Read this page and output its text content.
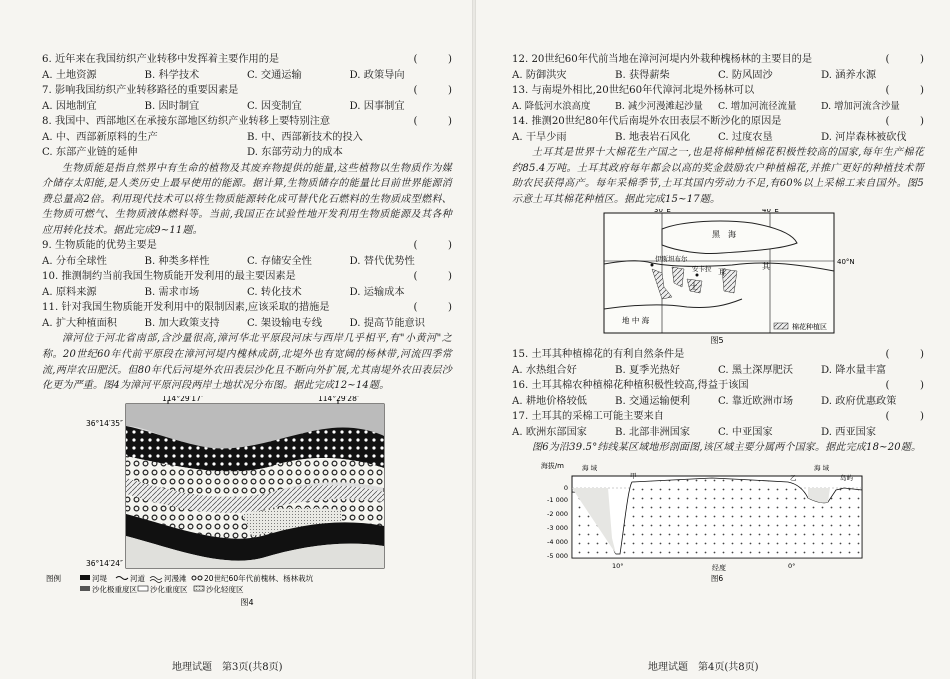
6. 近年来在我国纺织产业转移中发挥着主要作用的是	(　　　)
A. 土地资源	B. 科学技术	C. 交通运输	D. 政策导向
7. 影响我国纺织产业转移路径的重要因素是	(　　　)
A. 因地制宜	B. 因时制宜	C. 因变制宜	D. 因事制宜
8. 我国中、西部地区在承接东部地区纺织产业转移上要特别注意	(　　　)
A. 中、西部新原料的生产	B. 中、西部新技术的投入
C. 东部产业链的延伸	D. 东部劳动力的成本
生物质能是指自然界中有生命的植物及其废弃物提供的能量,这些植物以生物质作为媒介储存太阳能,是人类历史上最早使用的能源。据计算,生物质储存的能量比目前世界能源消费总量高2倍。利用现代技术可以将生物质能源转化成可替代化石燃料的生物质成型燃料、生物质可燃气、生物质液体燃料等。当前,我国正在试验性地开发利用生物质能源及其各种应用转化技术。据此完成9~11题。
9. 生物质能的优势主要是	(　　　)
A. 分布全球性	B. 种类多样性	C. 存储安全性	D. 替代优势性
10. 推测制约当前我国生物质能开发利用的最主要因素是	(　　　)
A. 原料来源	B. 需求市场	C. 转化技术	D. 运输成本
11. 针对我国生物质能开发利用中的限制因素,应该采取的措施是	(　　　)
A. 扩大种植面积	B. 加大政策支持	C. 架设输电专线	D. 提高节能意识
漳河位于河北省南部,含沙量很高,漳河华北平原段河床与西岸几乎相平,有"小黄河"之称。20世纪60年代前平原段在漳河河堤内槐林成荫,北堤外也有宽阔的杨林带,河流四季常流,两岸农田肥沃。但80年代后河堤外农田表层沙化且不断向外扩展,尤其南堤外农田表层沙化更为严重。图4为漳河平原河段两岸土地状况分布图。据此完成12~14题。
114°29′17″	114°29′28″
36°14′35″
36°14′24″
图例	河堤	河道	河漫滩 20世纪60年代前槐林、杨林栽坑
沙化极重度区 沙化重度区 沙化轻度区
图4
地理试题　第3页(共8页)
12. 20世纪60年代前当地在漳河河堤内外栽种槐杨林的主要目的是	(　　　)
A. 防御洪灾	B. 获得薪柴	C. 防风固沙	D. 涵养水源
13. 与南堤外相比,20世纪60年代漳河北堤外杨林可以	(　　　)
A. 降低河水浪高度	B. 减少河漫滩起沙量	C. 增加河流径流量	D. 增加河流含沙量
14. 推测20世纪80年代后南堤外农田表层不断沙化的原因是	(　　　)
A. 干旱少雨	B. 地表岩石风化	C. 过度农垦	D. 河岸森林被砍伐
土耳其是世界十大棉花生产国之一,也是将棉种植棉花积极性较高的国家,每年生产棉花约85.4万吨。土耳其政府每年都会以高的奖金鼓励农户种植棉花,并推广更好的种植技术帮助农民获得高产。每年采棉季节,土耳其国内劳动力不足,有60%以上采棉工来自国外。图5示意土耳其棉花种植区。据此完成15~17题。
30°E	40°E
40°N
黑　海
土
耳
其
伊斯坦布尔
安卡拉
地 中 海
棉花种植区
图5
15. 土耳其种植棉花的有利自然条件是	(　　　)
A. 水热组合好	B. 夏季光热好	C. 黑土深厚肥沃	D. 降水量丰富
16. 土耳其棉农种植棉花种植积极性较高,得益于该国	(　　　)
A. 耕地价格较低	B. 交通运输便利	C. 靠近欧洲市场	D. 政府优惠政策
17. 土耳其的采棉工可能主要来自	(　　　)
A. 欧洲东部国家	B. 北部非洲国家	C. 中亚国家	D. 西亚国家
图6为沿39.5°纬线某区域地形剖面图,该区域主要分属两个国家。据此完成18~20题。
海拔/m
0
-1 000
-2 000
-3 000
-4 000
-5 000
海 域
甲	乙
海 域
岛屿
10°	0°
经度
图6
地理试题　第4页(共8页)
